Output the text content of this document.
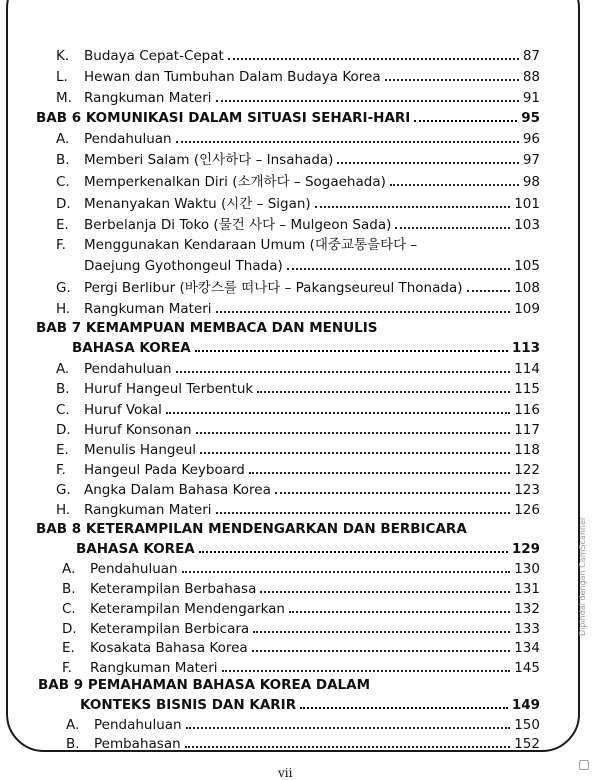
K.	Budaya Cepat-Cepat	87
L.	Hewan dan Tumbuhan Dalam Budaya Korea	88
M. Rangkuman Materi	91
BAB 6 KOMUNIKASI DALAM SITUASI SEHARI-HARI	95
A.	Pendahuluan	96
B.	Memberi Salam (인사하다 – Insahada)	97
C.	Memperkenalkan Diri (소개하다 – Sogaehada)	98
D. Menanyakan Waktu (시간 – Sigan)	101
E.	Berbelanja Di Toko (물건 사다 – Mulgeon Sada)	103
F. Menggunakan Kendaraan Umum (대중교통을타다 –
Daejung Gyothongeul Thada)	105
G. Pergi Berlibur (바캉스를 떠나다 – Pakangseureul Thonada)	108
H.	Rangkuman Materi	109
BAB 7 KEMAMPUAN MEMBACA DAN MENULIS
BAHASA KOREA	113
A.	Pendahuluan	114
B.	Huruf Hangeul Terbentuk	115
C.	Huruf Vokal	116
D. Huruf Konsonan	117
E.	Menulis Hangeul	118
F.	Hangeul Pada Keyboard	122
G. Angka Dalam Bahasa Korea	123
H.	Rangkuman Materi	126
BAB 8 KETERAMPILAN MENDENGARKAN DAN BERBICARA
BAHASA KOREA	129
A.	Pendahuluan	130
B.	Keterampilan Berbahasa	131
C.	Keterampilan Mendengarkan	132
D. Keterampilan Berbicara	133
E.	Kosakata Bahasa Korea	134
F.	Rangkuman Materi	145
BAB 9 PEMAHAMAN BAHASA KOREA DALAM
KONTEKS BISNIS DAN KARIR	149
A.	Pendahuluan	150
B.	Pembahasan	152
vii
Dipindai dengan CamScanner
